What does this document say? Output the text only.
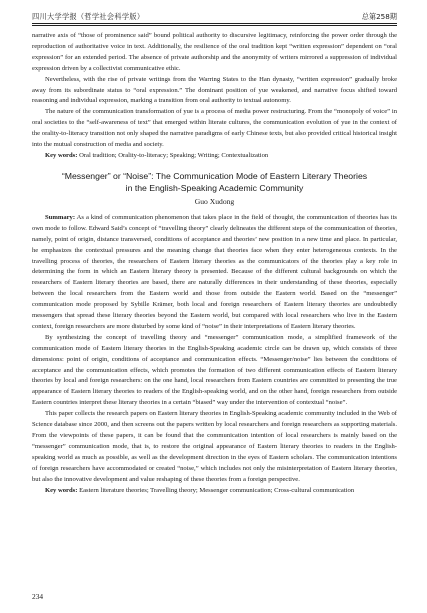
四川大学学报（哲学社会科学版）	总第258期

narrative axis of “those of prominence said” bound political authority to discursive legitimacy, reinforcing the power order through the reproduction of authoritative voice in text. Additionally, the resilience of the oral tradition kept “written expression” dependent on “oral expression” for an extended period. The absence of private authorship and the anonymity of writers mirrored a suppression of individual expression driven by a collectivist communicative ethic.

Nevertheless, with the rise of private writings from the Warring States to the Han dynasty, “written expression” gradually broke away from its subordinate status to “oral expression.” The dominant position of yue weakened, and narrative focus shifted toward reasoning and individual expression, marking a transition from oral authority to textual autonomy.

The nature of the communication transformation of yue is a process of media power restructuring. From the “monopoly of voice” in oral societies to the “self-awareness of text” that emerged within literate cultures, the communication evolution of yue in the context of the orality-to-literacy transition not only shaped the narrative paradigms of early Chinese texts, but also provided critical historical insight into the mutual construction of media and society.

Key words: Oral tradition; Orality-to-literacy; Speaking; Writing; Contextualization

“Messenger” or “Noise”: The Communication Mode of Eastern Literary Theories
in the English-Speaking Academic Community
Guo Xudong

Summary: As a kind of communication phenomenon that takes place in the field of thought, the communication of theories has its own mode to follow. Edward Said’s concept of “travelling theory” clearly delineates the different steps of the communication of theories, namely, point of origin, distance transversed, conditions of acceptance and theories’ new position in a new time and place. In particular, he emphasizes the contextual pressures and the meaning change that theories face when they enter heterogeneous contexts. In the travelling process of theories, the researchers of Eastern literary theories as the communicators of the theories play a key role in determining the form in which an Eastern literary theory is presented. Because of the different cultural backgrounds on which the researchers of Eastern literary theories are based, there are naturally differences in their understanding of these theories, especially between the local researchers from the Eastern world and those from outside the Eastern world. Based on the “messenger” communication mode proposed by Sybille Krämer, both local and foreign researchers of Eastern literary theories are undoubtedly messengers that spread these literary theories beyond the Eastern world, but compared with local researchers who live in the Eastern context, foreign researchers are more disturbed by some kind of “noise” in their interpretations of Eastern literary theories.

By synthesizing the concept of travelling theory and “messenger” communication mode, a simplified framework of the communication mode of Eastern literary theories in the English-Speaking academic circle can be drawn up, which consists of three dimensions: point of origin, conditions of acceptance and communication effects. “Messenger/noise” lies between the conditions of acceptance and the communication effects, which promotes the formation of two different communication effects of Eastern literary theories by local and foreign researchers: on the one hand, local researchers from Eastern countries are committed to presenting the true appearance of Eastern literary theories to readers of the English-speaking world, and on the other hand, foreign researchers from outside Eastern countries interpret these literary theories in a certain “biased” way under the intervention of contextual “noise”.

This paper collects the research papers on Eastern literary theories in English-Speaking academic community included in the Web of Science database since 2000, and then screens out the papers written by local researchers and foreign researchers as supporting materials. From the viewpoints of these papers, it can be found that the communication intention of local researchers is mainly based on the “messenger” communication mode, that is, to restore the original appearance of Eastern literary theories to readers in the English-speaking world as much as possible, as well as the development direction in the eyes of Eastern scholars. The communication intentions of foreign researchers have accommodated or created “noise,” which includes not only the misinterpretation of Eastern literary theories, but also the innovative development and value reshaping of these theories from a foreign perspective.

Key words: Eastern literature theories; Travelling theory; Messenger communication; Cross-cultural communication

234
